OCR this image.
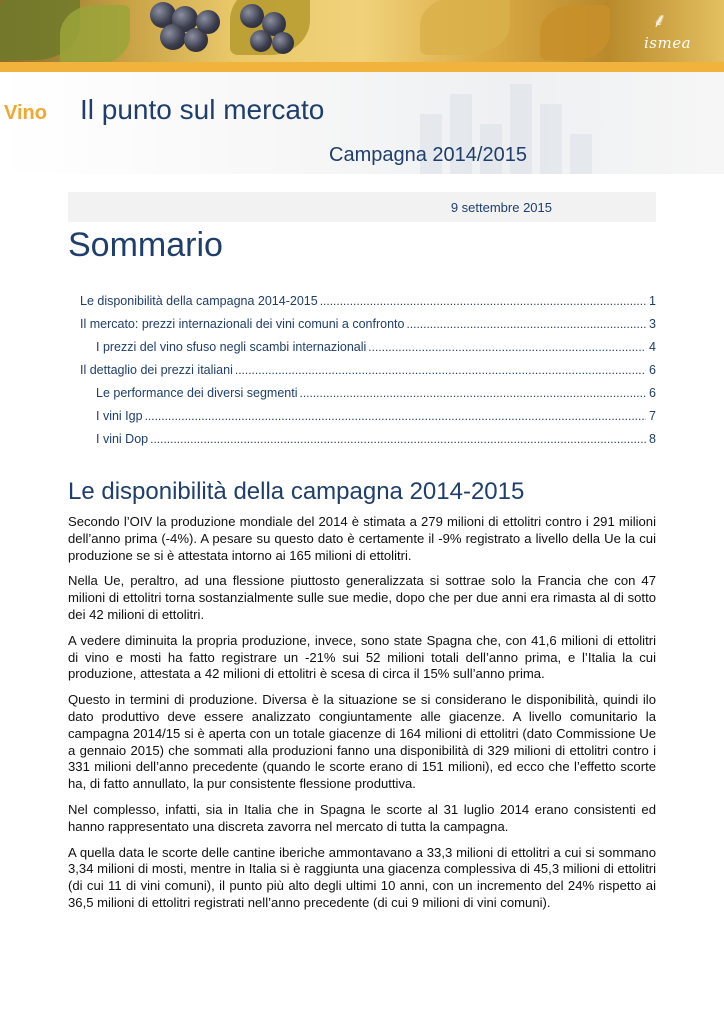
⸙
ismea
Vino Il punto sul mercato
Campagna 2014/2015
9 settembre 2015
Sommario
Le disponibilità della campagna 2014-2015 .....	1
Il mercato: prezzi internazionali dei vini comuni a confronto .....	3
I prezzi del vino sfuso negli scambi internazionali .....	4
Il dettaglio dei prezzi italiani .....	6
Le performance dei diversi segmenti .....	6
I vini Igp .....	7
I vini Dop .....	8
Le disponibilità della campagna 2014-2015

Secondo l’OIV la produzione mondiale del 2014 è stimata a 279 milioni di ettolitri contro i 291 milioni dell’anno prima (-4%). A pesare su questo dato è certamente il -9% registrato a livello della Ue la cui produzione se si è attestata intorno ai 165 milioni di ettolitri.

Nella Ue, peraltro, ad una flessione piuttosto generalizzata si sottrae solo la Francia che con 47 milioni di ettolitri torna sostanzialmente sulle sue medie, dopo che per due anni era rimasta al di sotto dei 42 milioni di ettolitri.

A vedere diminuita la propria produzione, invece, sono state Spagna che, con 41,6 milioni di ettolitri di vino e mosti ha fatto registrare un -21% sui 52 milioni totali dell’anno prima, e l’Italia la cui produzione, attestata a 42 milioni di ettolitri è scesa di circa il 15% sull’anno prima.

Questo in termini di produzione. Diversa è la situazione se si considerano le disponibilità, quindi ilo dato produttivo deve essere analizzato congiuntamente alle giacenze. A livello comunitario la campagna 2014/15 si è aperta con un totale giacenze di 164 milioni di ettolitri (dato Commissione Ue a gennaio 2015) che sommati alla produzioni fanno una disponibilità di 329 milioni di ettolitri contro i 331 milioni dell’anno precedente (quando le scorte erano di 151 milioni), ed ecco che l’effetto scorte ha, di fatto annullato, la pur consistente flessione produttiva.

Nel complesso, infatti, sia in Italia che in Spagna le scorte al 31 luglio 2014 erano consistenti ed hanno rappresentato una discreta zavorra nel mercato di tutta la campagna.

A quella data le scorte delle cantine iberiche ammontavano a 33,3 milioni di ettolitri a cui si sommano 3,34 milioni di mosti, mentre in Italia si è raggiunta una giacenza complessiva di 45,3 milioni di ettolitri (di cui 11 di vini comuni), il punto più alto degli ultimi 10 anni, con un incremento del 24% rispetto ai 36,5 milioni di ettolitri registrati nell’anno precedente (di cui 9 milioni di vini comuni).
